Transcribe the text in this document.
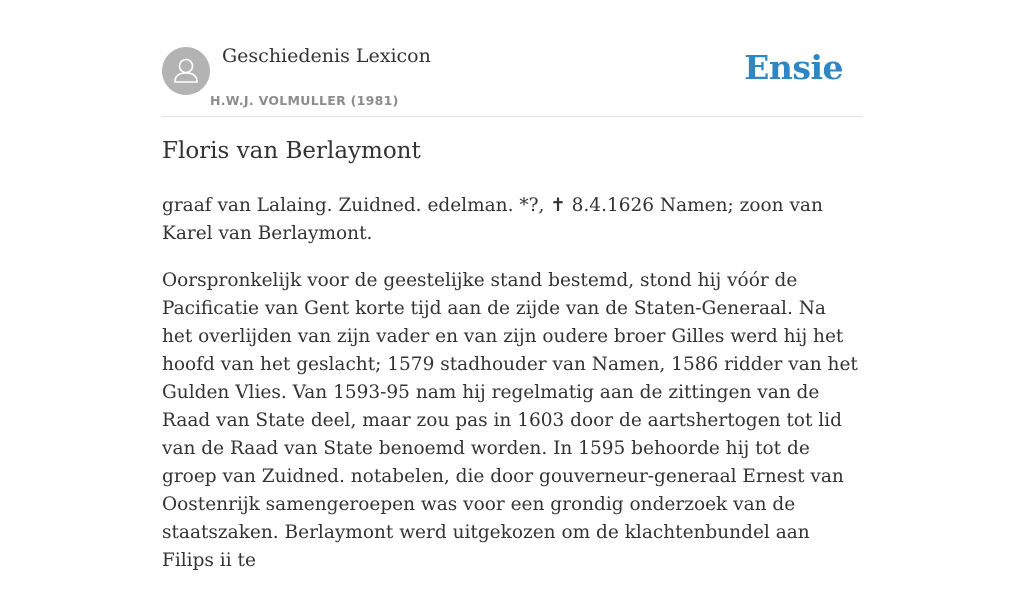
Geschiedenis Lexicon
H.W.J. VOLMULLER (1981)
Ensie
Floris van Berlaymont

graaf van Lalaing. Zuidned. edelman. *?, ✝ 8.4.1626 Namen; zoon van Karel van Berlaymont.

Oorspronkelijk voor de geestelijke stand bestemd, stond hij vóór de Pacificatie van Gent korte tijd aan de zijde van de Staten-Generaal. Na het overlijden van zijn vader en van zijn oudere broer Gilles werd hij het hoofd van het geslacht; 1579 stadhouder van Namen, 1586 ridder van het Gulden Vlies. Van 1593-95 nam hij regelmatig aan de zittingen van de Raad van State deel, maar zou pas in 1603 door de aartshertogen tot lid van de Raad van State benoemd worden. In 1595 behoorde hij tot de groep van Zuidned. notabelen, die door gouverneur-generaal Ernest van Oostenrijk samengeroepen was voor een grondig onderzoek van de staatszaken. Berlaymont werd uitgekozen om de klachtenbundel aan Filips ii te
